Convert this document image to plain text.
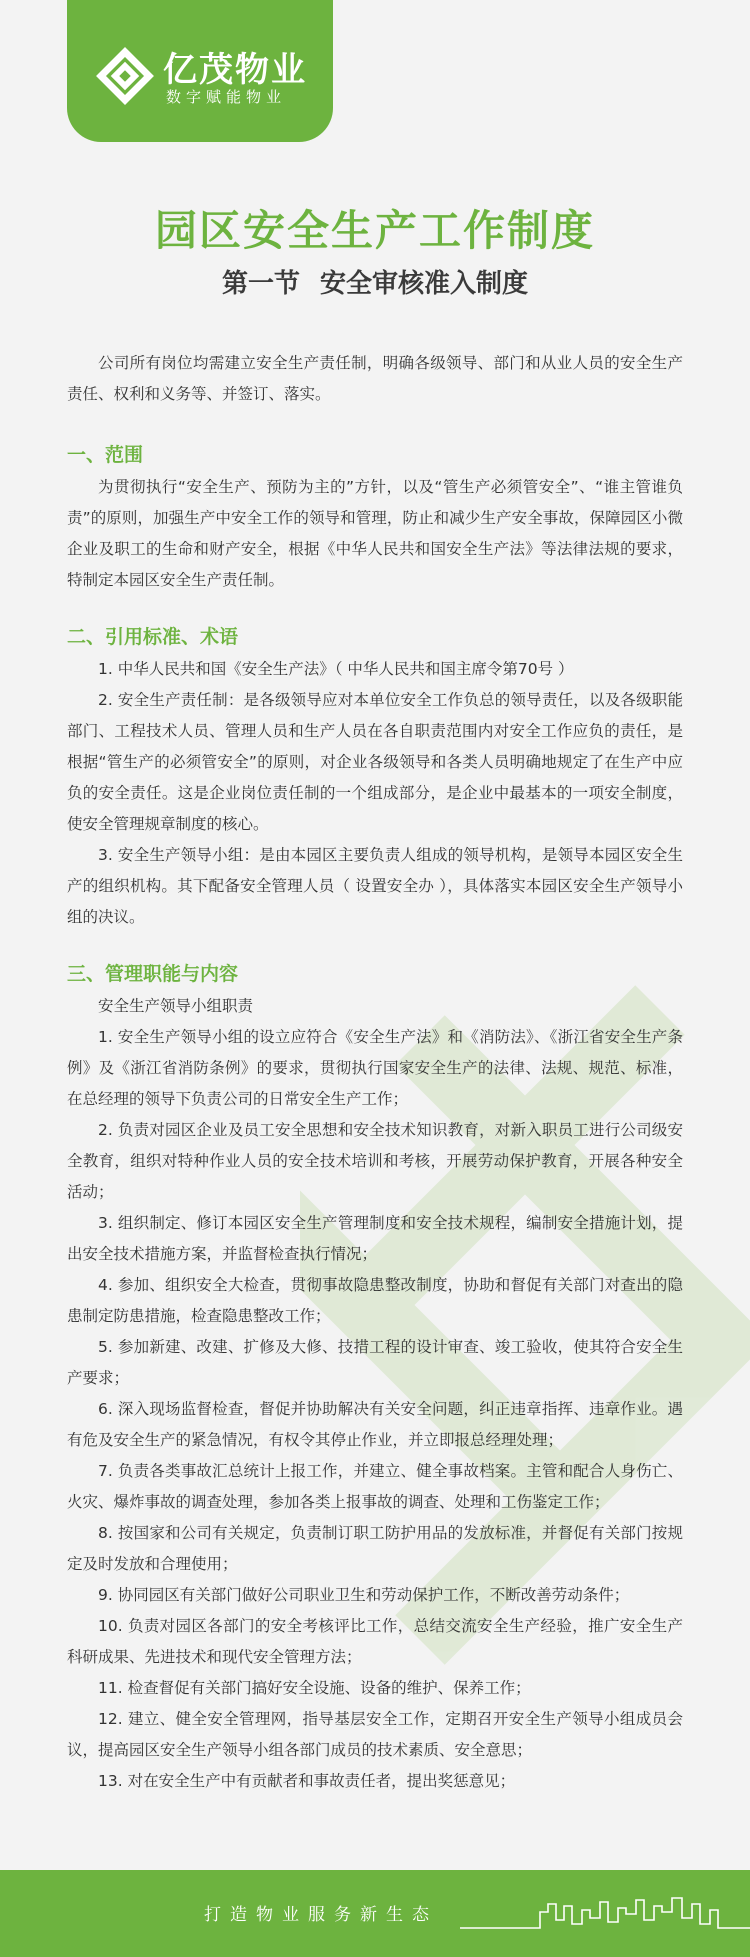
亿茂物业
数字赋能物业
园区安全生产工作制度
第一节 安全审核准入制度

公司所有岗位均需建立安全生产责任制，明确各级领导、部门和从业人员的安全生产责任、权利和义务等、并签订、落实。

一、范围

为贯彻执行“安全生产、预防为主的”方针，以及“管生产必须管安全”、“谁主管谁负责”的原则，加强生产中安全工作的领导和管理，防止和减少生产安全事故，保障园区小微企业及职工的生命和财产安全，根据《中华人民共和国安全生产法》等法律法规的要求，特制定本园区安全生产责任制。

二、引用标准、术语

1. 中华人民共和国《安全生产法》（ 中华人民共和国主席令第70号 ）

2. 安全生产责任制：是各级领导应对本单位安全工作负总的领导责任，以及各级职能部门、工程技术人员、管理人员和生产人员在各自职责范围内对安全工作应负的责任，是根据“管生产的必须管安全”的原则，对企业各级领导和各类人员明确地规定了在生产中应负的安全责任。这是企业岗位责任制的一个组成部分，是企业中最基本的一项安全制度，使安全管理规章制度的核心。

3. 安全生产领导小组：是由本园区主要负责人组成的领导机构，是领导本园区安全生产的组织机构。其下配备安全管理人员（ 设置安全办 ），具体落实本园区安全生产领导小组的决议。

三、管理职能与内容

安全生产领导小组职责

1. 安全生产领导小组的设立应符合《安全生产法》和《消防法》、《浙江省安全生产条例》及《浙江省消防条例》的要求，贯彻执行国家安全生产的法律、法规、规范、标准，在总经理的领导下负责公司的日常安全生产工作；

2. 负责对园区企业及员工安全思想和安全技术知识教育，对新入职员工进行公司级安全教育，组织对特种作业人员的安全技术培训和考核，开展劳动保护教育，开展各种安全活动；

3. 组织制定、修订本园区安全生产管理制度和安全技术规程，编制安全措施计划，提出安全技术措施方案，并监督检查执行情况；

4. 参加、组织安全大检查，贯彻事故隐患整改制度，协助和督促有关部门对查出的隐患制定防患措施，检查隐患整改工作；

5. 参加新建、改建、扩修及大修、技措工程的设计审查、竣工验收，使其符合安全生产要求；

6. 深入现场监督检查，督促并协助解决有关安全问题，纠正违章指挥、违章作业。遇有危及安全生产的紧急情况，有权令其停止作业，并立即报总经理处理；

7. 负责各类事故汇总统计上报工作，并建立、健全事故档案。主管和配合人身伤亡、火灾、爆炸事故的调查处理，参加各类上报事故的调查、处理和工伤鉴定工作；

8. 按国家和公司有关规定，负责制订职工防护用品的发放标准，并督促有关部门按规定及时发放和合理使用；

9. 协同园区有关部门做好公司职业卫生和劳动保护工作，不断改善劳动条件；

10. 负责对园区各部门的安全考核评比工作，总结交流安全生产经验，推广安全生产科研成果、先进技术和现代安全管理方法；

11. 检查督促有关部门搞好安全设施、设备的维护、保养工作；

12. 建立、健全安全管理网，指导基层安全工作，定期召开安全生产领导小组成员会议，提高园区安全生产领导小组各部门成员的技术素质、安全意思；

13. 对在安全生产中有贡献者和事故责任者，提出奖惩意见；

打造物业服务新生态
